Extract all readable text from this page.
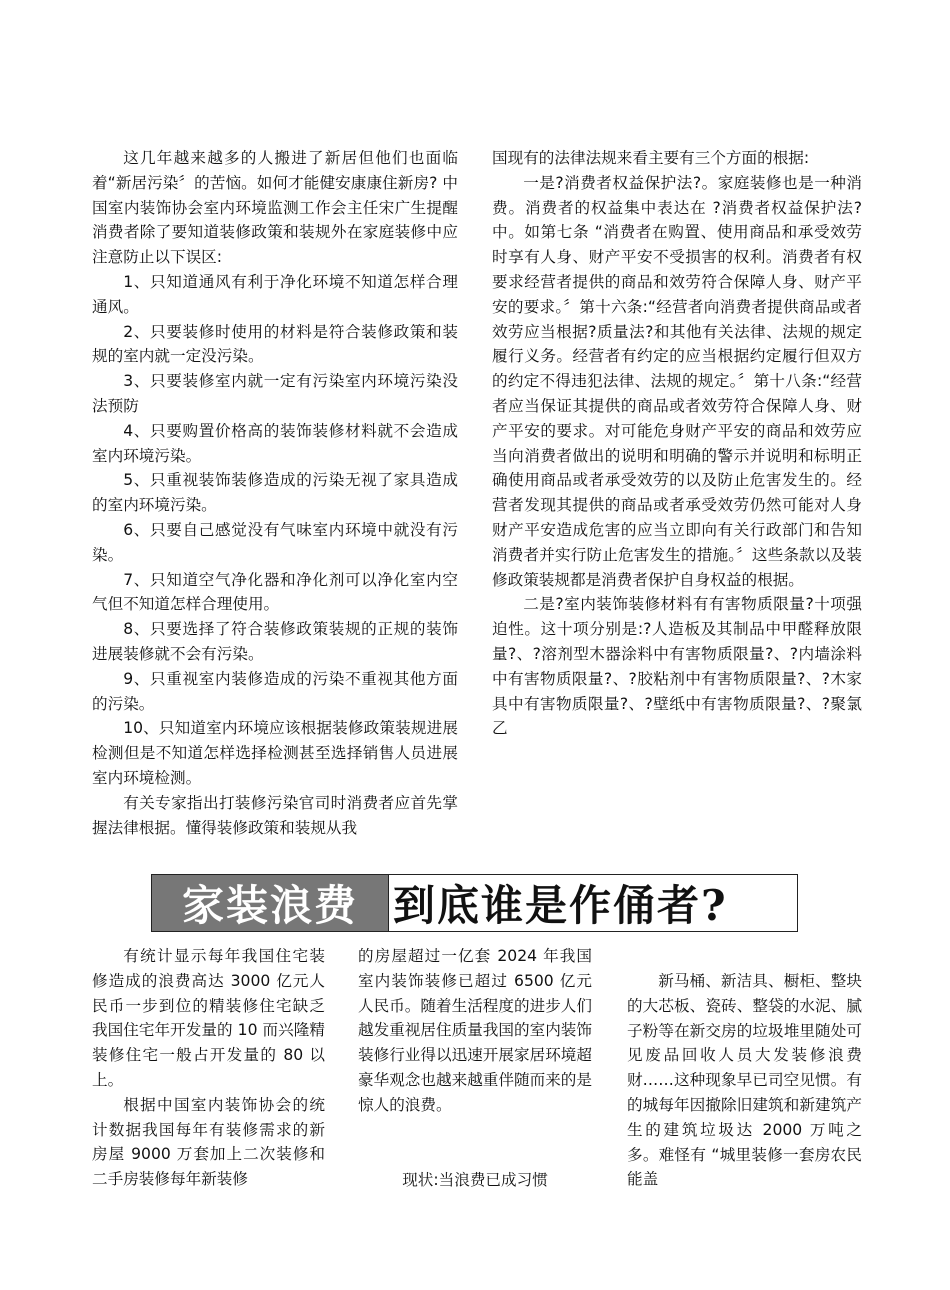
这几年越来越多的人搬进了新居但他们也面临着“新居污染〞的苦恼。如何才能健安康康住新房? 中国室内装饰协会室内环境监测工作会主任宋广生提醒消费者除了要知道装修政策和装规外在家庭装修中应注意防止以下误区:

1、只知道通风有利于净化环境不知道怎样合理通风。

2、只要装修时使用的材料是符合装修政策和装规的室内就一定没污染。

3、只要装修室内就一定有污染室内环境污染没法预防

4、只要购置价格高的装饰装修材料就不会造成室内环境污染。

5、只重视装饰装修造成的污染无视了家具造成的室内环境污染。

6、只要自己感觉没有气味室内环境中就没有污染。

7、只知道空气净化器和净化剂可以净化室内空气但不知道怎样合理使用。

8、只要选择了符合装修政策装规的正规的装饰进展装修就不会有污染。

9、只重视室内装修造成的污染不重视其他方面的污染。

10、只知道室内环境应该根据装修政策装规进展检测但是不知道怎样选择检测甚至选择销售人员进展室内环境检测。

有关专家指出打装修污染官司时消费者应首先掌握法律根据。懂得装修政策和装规从我

国现有的法律法规来看主要有三个方面的根据:

一是?消费者权益保护法?。家庭装修也是一种消费。消费者的权益集中表达在 ?消费者权益保护法?中。如第七条 “消费者在购置、使用商品和承受效劳时享有人身、财产平安不受损害的权利。消费者有权要求经营者提供的商品和效劳符合保障人身、财产平安的要求。〞第十六条:“经营者向消费者提供商品或者效劳应当根据?质量法?和其他有关法律、法规的规定履行义务。经营者有约定的应当根据约定履行但双方的约定不得违犯法律、法规的规定。〞第十八条:“经营者应当保证其提供的商品或者效劳符合保障人身、财产平安的要求。对可能危身财产平安的商品和效劳应当向消费者做出的说明和明确的警示并说明和标明正确使用商品或者承受效劳的以及防止危害发生的。经营者发现其提供的商品或者承受效劳仍然可能对人身财产平安造成危害的应当立即向有关行政部门和告知消费者并实行防止危害发生的措施。〞这些条款以及装修政策装规都是消费者保护自身权益的根据。

二是?室内装饰装修材料有有害物质限量?十项强迫性。这十项分别是:?人造板及其制品中甲醛释放限量?、?溶剂型木器涂料中有害物质限量?、?内墙涂料中有害物质限量?、?胶粘剂中有害物质限量?、?木家具中有害物质限量?、?壁纸中有害物质限量?、?聚氯乙

家装浪费 到底谁是作俑者?

有统计显示每年我国住宅装修造成的浪费高达 3000 亿元人民币一步到位的精装修住宅缺乏我国住宅年开发量的 10 而兴隆精装修住宅一般占开发量的 80 以上。

根据中国室内装饰协会的统计数据我国每年有装修需求的新房屋 9000 万套加上二次装修和二手房装修每年新装修

的房屋超过一亿套 2024 年我国室内装饰装修已超过 6500 亿元人民币。随着生活程度的进步人们越发重视居住质量我国的室内装饰装修行业得以迅速开展家居环境超豪华观念也越来越重伴随而来的是惊人的浪费。

现状:当浪费已成习惯

新马桶、新洁具、橱柜、整块的大芯板、瓷砖、整袋的水泥、腻子粉等在新交房的垃圾堆里随处可见废品回收人员大发装修浪费财……这种现象早已司空见惯。有的城每年因撤除旧建筑和新建筑产生的建筑垃圾达 2000 万吨之多。难怪有 “城里装修一套房农民能盖
